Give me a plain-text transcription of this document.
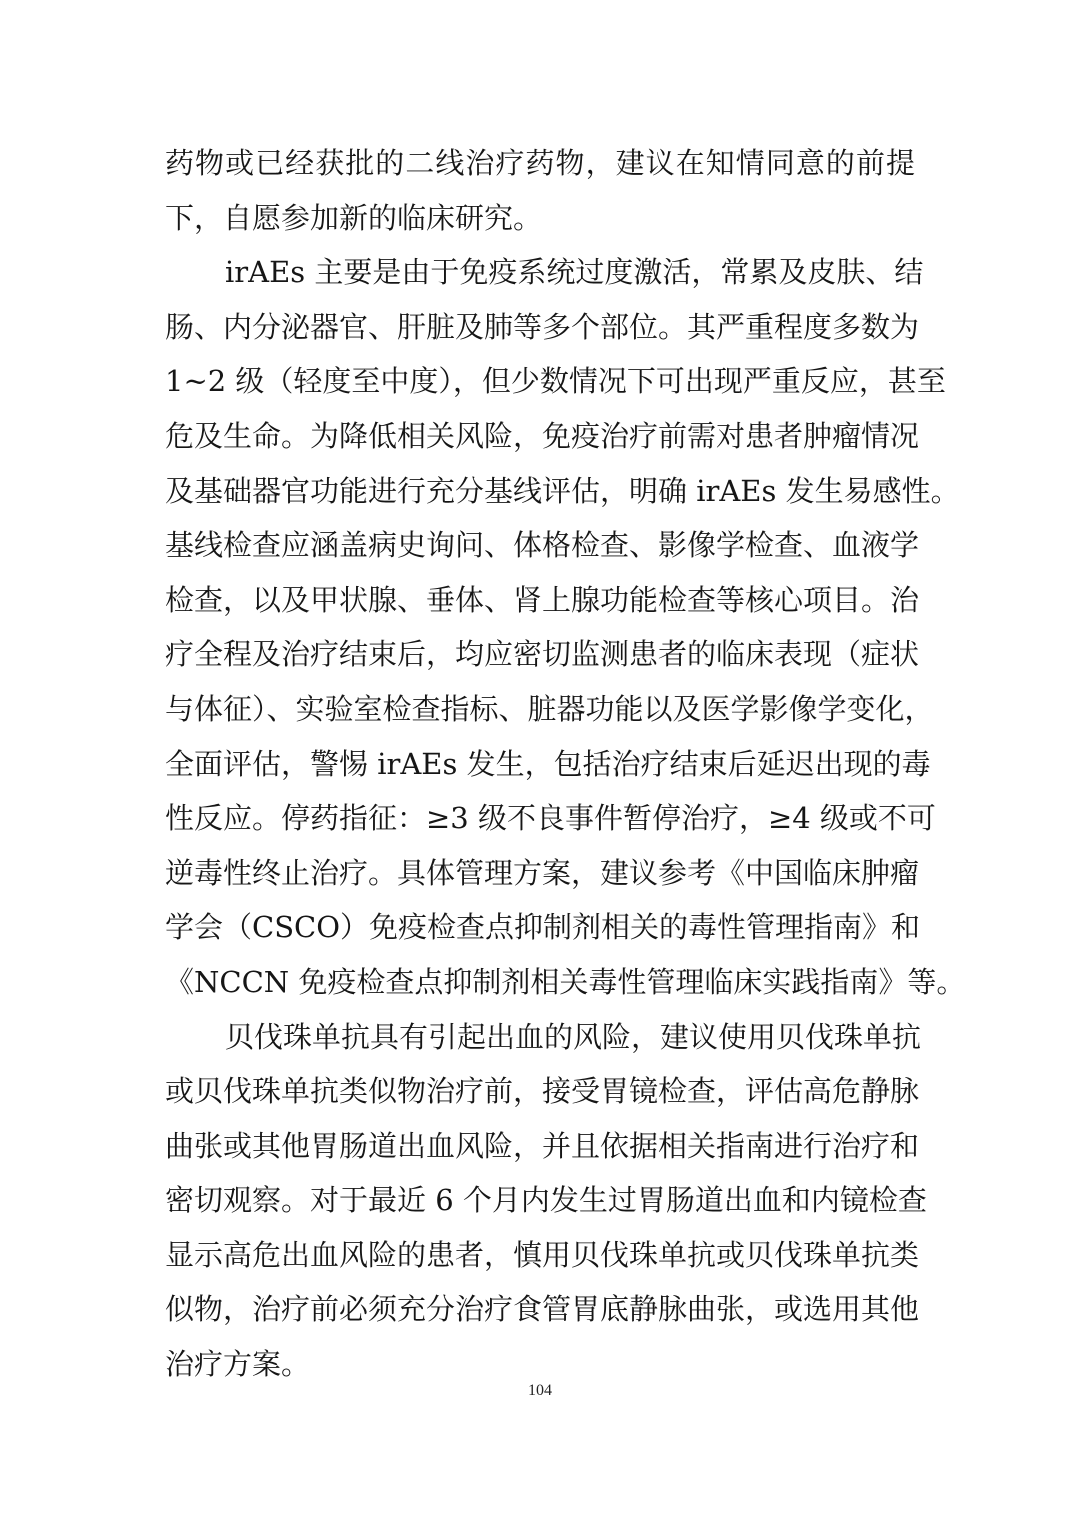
药物或已经获批的二线治疗药物，建议在知情同意的前提
下，自愿参加新的临床研究。
irAEs 主要是由于免疫系统过度激活，常累及皮肤、结
肠、内分泌器官、肝脏及肺等多个部位。其严重程度多数为
1~2 级（轻度至中度），但少数情况下可出现严重反应，甚至
危及生命。为降低相关风险，免疫治疗前需对患者肿瘤情况
及基础器官功能进行充分基线评估，明确 irAEs 发生易感性。
基线检查应涵盖病史询问、体格检查、影像学检查、血液学
检查，以及甲状腺、垂体、肾上腺功能检查等核心项目。治
疗全程及治疗结束后，均应密切监测患者的临床表现（症状
与体征）、实验室检查指标、脏器功能以及医学影像学变化，
全面评估，警惕 irAEs 发生，包括治疗结束后延迟出现的毒
性反应。停药指征：≥3 级不良事件暂停治疗，≥4 级或不可
逆毒性终止治疗。具体管理方案，建议参考《中国临床肿瘤
学会（CSCO）免疫检查点抑制剂相关的毒性管理指南》和
《NCCN 免疫检查点抑制剂相关毒性管理临床实践指南》等。
贝伐珠单抗具有引起出血的风险，建议使用贝伐珠单抗
或贝伐珠单抗类似物治疗前，接受胃镜检查，评估高危静脉
曲张或其他胃肠道出血风险，并且依据相关指南进行治疗和
密切观察。对于最近 6 个月内发生过胃肠道出血和内镜检查
显示高危出血风险的患者，慎用贝伐珠单抗或贝伐珠单抗类
似物，治疗前必须充分治疗食管胃底静脉曲张，或选用其他
治疗方案。
104
